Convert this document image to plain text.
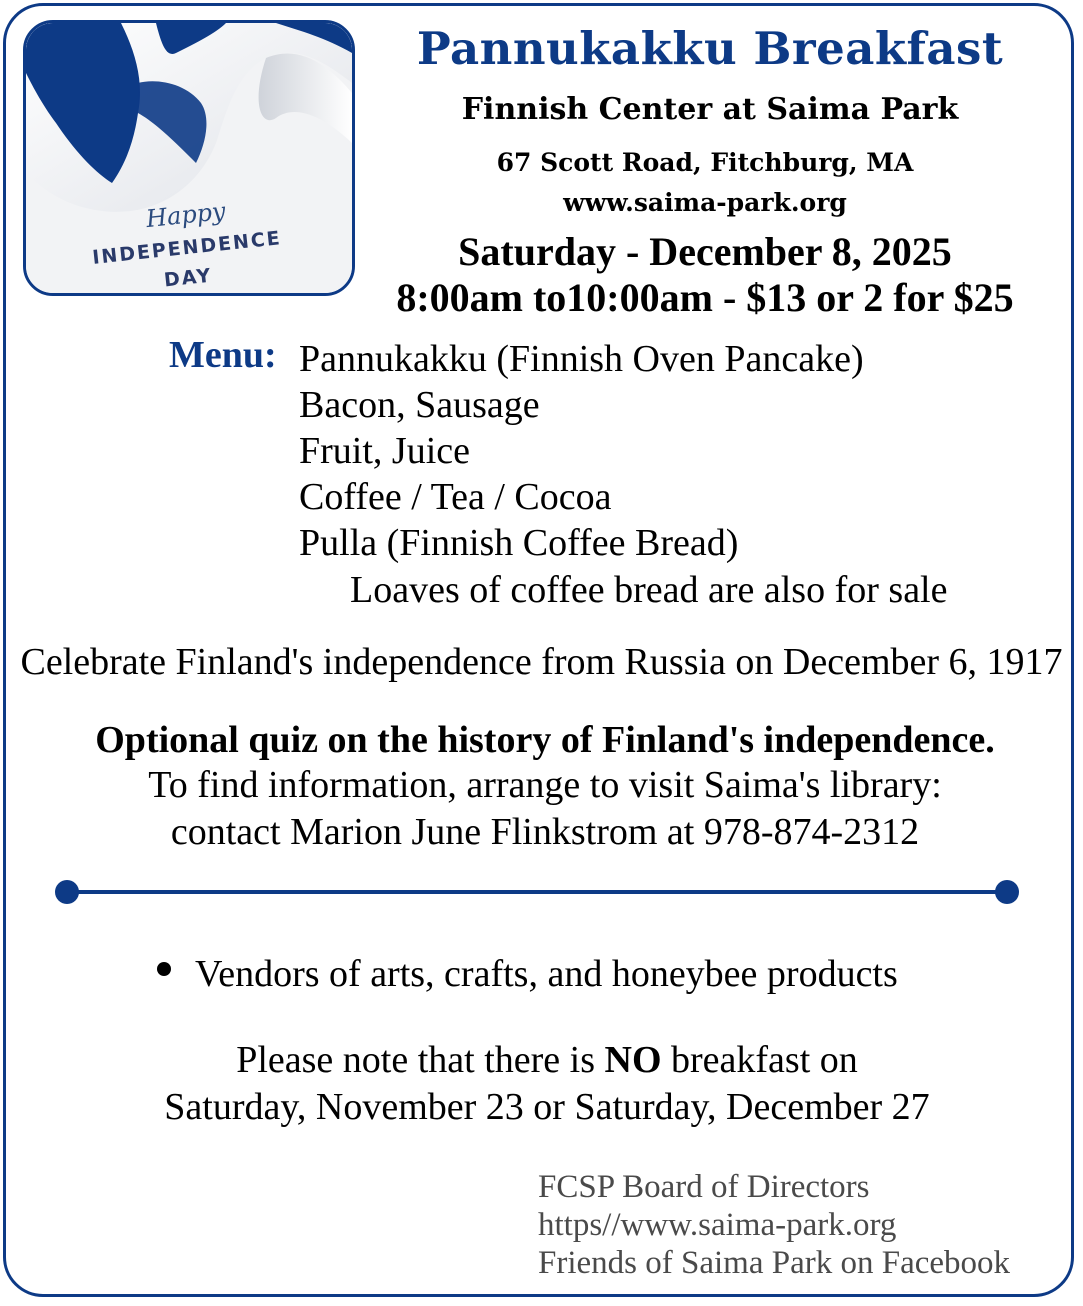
Happy
INDEPENDENCE
DAY
Pannukakku Breakfast
Finnish Center at Saima Park
67 Scott Road, Fitchburg, MA
www.saima-park.org
Saturday - December 8, 2025
8:00am to10:00am - $13 or 2 for $25
Menu: Pannukakku (Finnish Oven Pancake)
Bacon, Sausage
Fruit, Juice
Coffee / Tea / Cocoa
Pulla (Finnish Coffee Bread)
Loaves of coffee bread are also for sale
Celebrate Finland's independence from Russia on December 6, 1917
Optional quiz on the history of Finland's independence.
To find information, arrange to visit Saima's library:
contact Marion June Flinkstrom at 978-874-2312
Vendors of arts, crafts, and honeybee products
Please note that there is NO breakfast on
Saturday, November 23 or Saturday, December 27
FCSP Board of Directors
https//www.saima-park.org
Friends of Saima Park on Facebook
